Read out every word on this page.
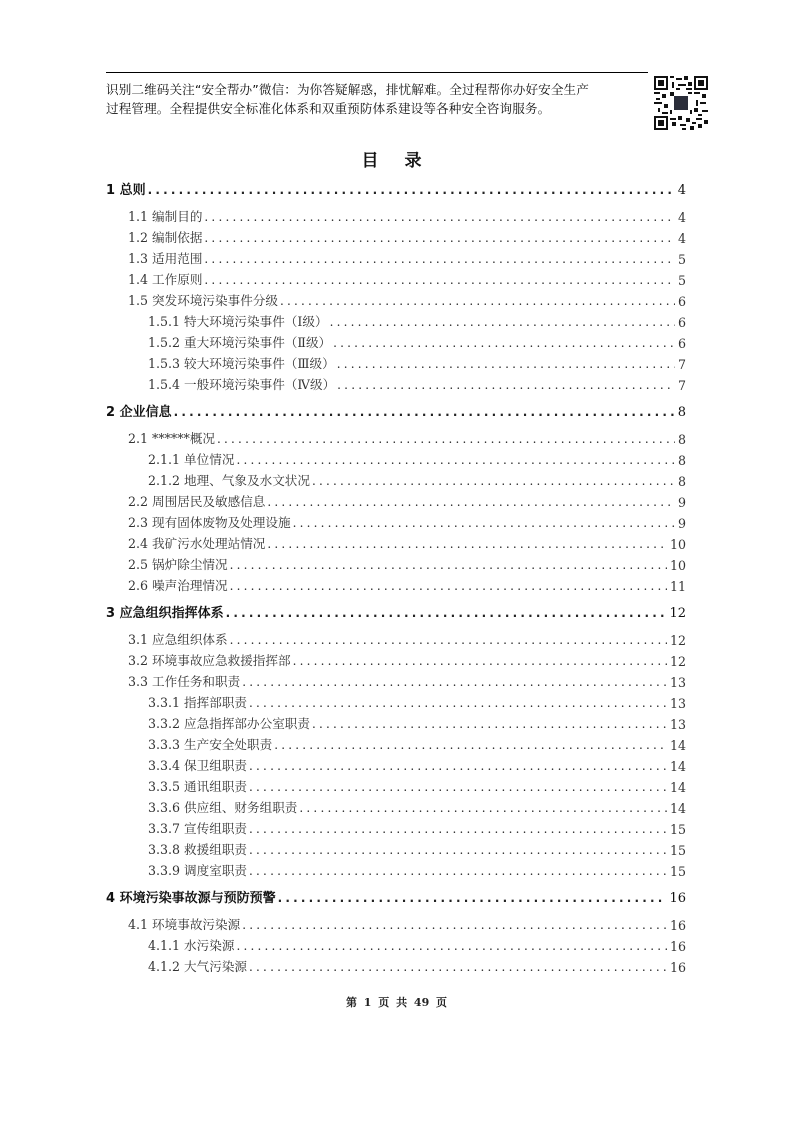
识别二维码关注“安全帮办”微信：为你答疑解惑，排忧解难。全过程帮你办好安全生产
过程管理。全程提供安全标准化体系和双重预防体系建设等各种安全咨询服务。
目 录
1 总则 .....	4
1.1 编制目的 .....	4
1.2 编制依据 .....	4
1.3 适用范围 .....	5
1.4 工作原则 .....	5
1.5 突发环境污染事件分级 .....	6
1.5.1 特大环境污染事件（Ⅰ级） .....	6
1.5.2 重大环境污染事件（Ⅱ级） .....	6
1.5.3 较大环境污染事件（Ⅲ级） .....	7
1.5.4 一般环境污染事件（Ⅳ级） .....	7
2 企业信息 .....	8
2.1 ******概况 .....	8
2.1.1 单位情况 .....	8
2.1.2 地理、气象及水文状况 .....	8
2.2 周围居民及敏感信息 .....	9
2.3 现有固体废物及处理设施 .....	9
2.4 我矿污水处理站情况 .....	10
2.5 锅炉除尘情况 .....	10
2.6 噪声治理情况 .....	11
3 应急组织指挥体系 .....	12
3.1 应急组织体系 .....	12
3.2 环境事故应急救援指挥部 .....	12
3.3 工作任务和职责 .....	13
3.3.1 指挥部职责 .....	13
3.3.2 应急指挥部办公室职责 .....	13
3.3.3 生产安全处职责 .....	14
3.3.4 保卫组职责 .....	14
3.3.5 通讯组职责 .....	14
3.3.6 供应组、财务组职责 .....	14
3.3.7 宣传组职责 .....	15
3.3.8 救援组职责 .....	15
3.3.9 调度室职责 .....	15
4 环境污染事故源与预防预警 .....	16
4.1 环境事故污染源 .....	16
4.1.1 水污染源 .....	16
4.1.2 大气污染源 .....	16
第 1 页 共 49 页
